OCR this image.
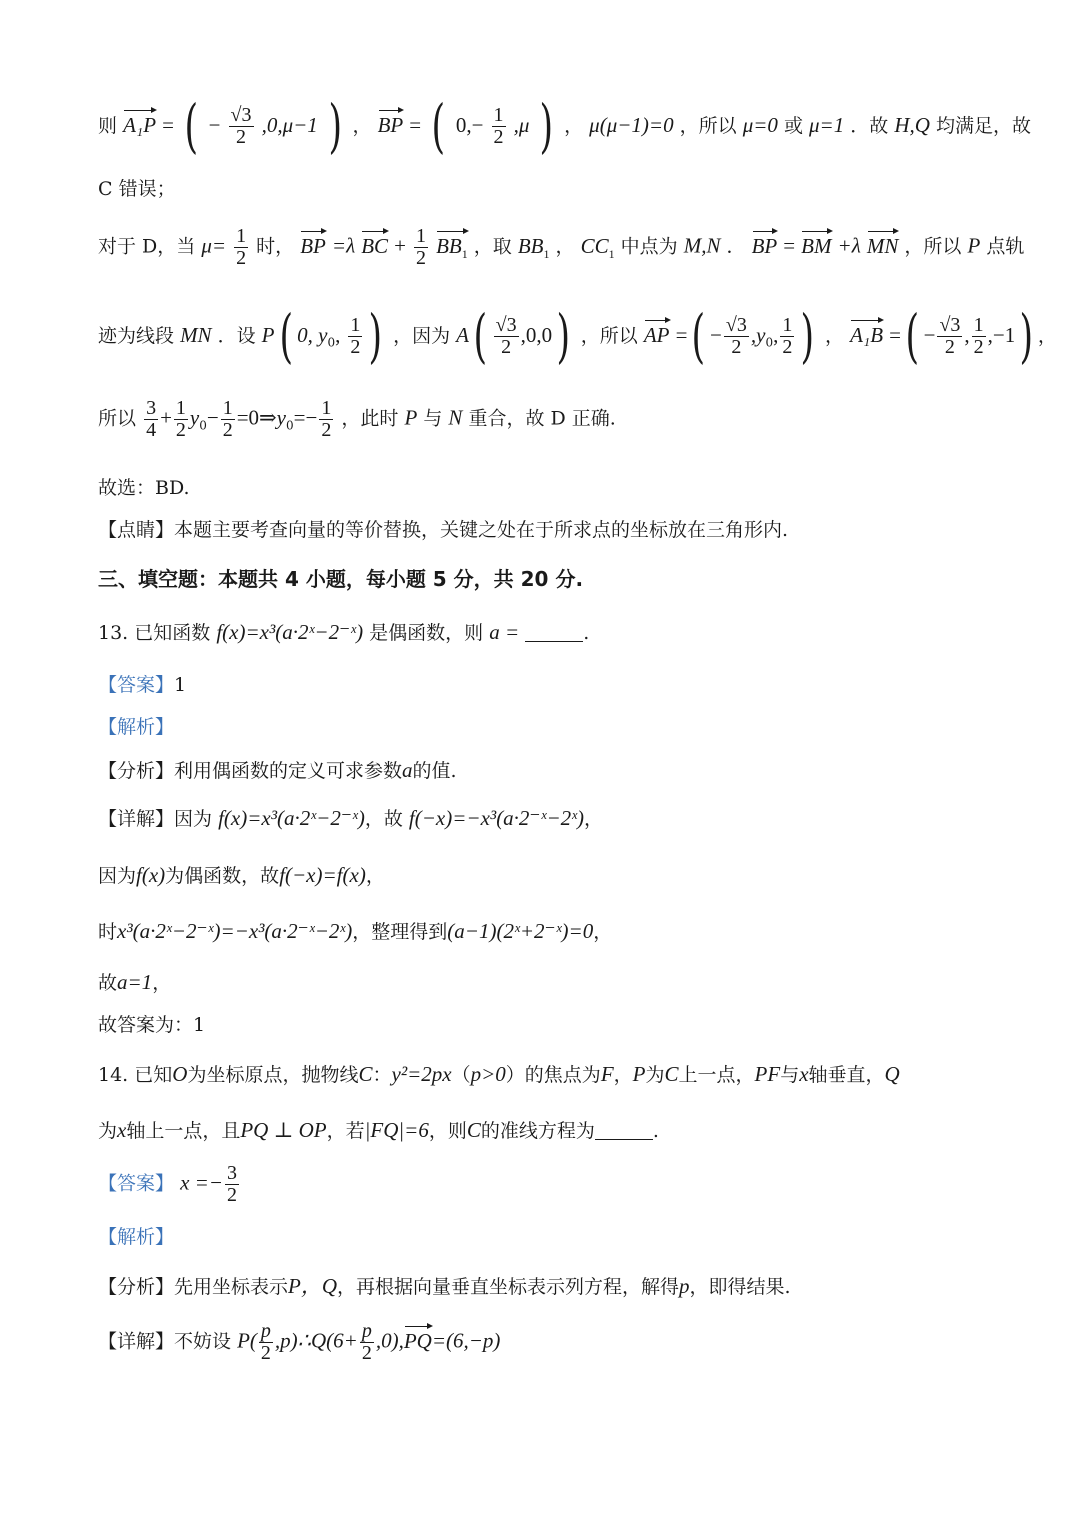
则 A₁P = ( − $\frac{√3}{2} ,0,\mu-1$ ) ， BP = ( $0,- \frac{1}{2} ,\mu$ ) ， μ(μ−1)=0 ，所以 μ=0 或 μ=1 ．故 H,Q 均满足，故
C 错误；
对于 D，当 $\mu= \frac{1}{2}$ 时， BP =λ BC + $\frac{1}{2} BB_1$ ，取 $BB_1$ ， $CC_1$ 中点为 M,N ． BP = BM +λ MN ，所以 P 点轨
迹为线段 MN ．设 P( 0, $y_0$, $\frac{1}{2}$ ) ，因为 $A( \frac{√3}{2} ,0,0)$ ，所以 AP =( − $\frac{√3}{2} ,y_0$, $\frac{1}{2}$ ) ， A₁B =( − $\frac{√3}{2}$ , $\frac{1}{2} ,-1$) ，
所以 $\frac{3}{4} + \frac{1}{2} y_0- \frac{1}{2}$ $=0\Rightarrow y_0=- \frac{1}{2}$ ，此时 P 与 N 重合，故 D 正确.
故选：BD.
【点睛】本题主要考查向量的等价替换，关键之处在于所求点的坐标放在三角形内.
三、填空题：本题共 4 小题，每小题 5 分，共 20 分.
13. 已知函数 f(x)=x³(a·2ˣ−2⁻ˣ) 是偶函数，则 a =	.
【答案】1
【解析】
【分析】利用偶函数的定义可求参数a的值.
【详解】因为 f(x)=x³(a·2ˣ−2⁻ˣ)，故 f(−x)=−x³(a·2⁻ˣ−2ˣ)，
因为f(x)为偶函数，故f(−x)=f(x)，
时x³(a·2ˣ−2⁻ˣ)=−x³(a·2⁻ˣ−2ˣ)，整理得到(a−1)(2ˣ+2⁻ˣ)=0，
故a=1，
故答案为：1
14. 已知O为坐标原点，抛物线C：y²=2px（p>0）的焦点为F，P为C上一点，PF与x轴垂直，Q
为x轴上一点，且PQ ⊥ OP，若|FQ|=6，则C的准线方程为	.
【答案】 $x =- \frac{3}{2}$
【解析】
【分析】先用坐标表示P，Q，再根据向量垂直坐标表示列方程，解得p，即得结果.
【详解】不妨设 $P( \frac{p}{2}$ ,p)∴Q(6+ $\frac{p}{2} ,0),PQ=(6,-p)$
